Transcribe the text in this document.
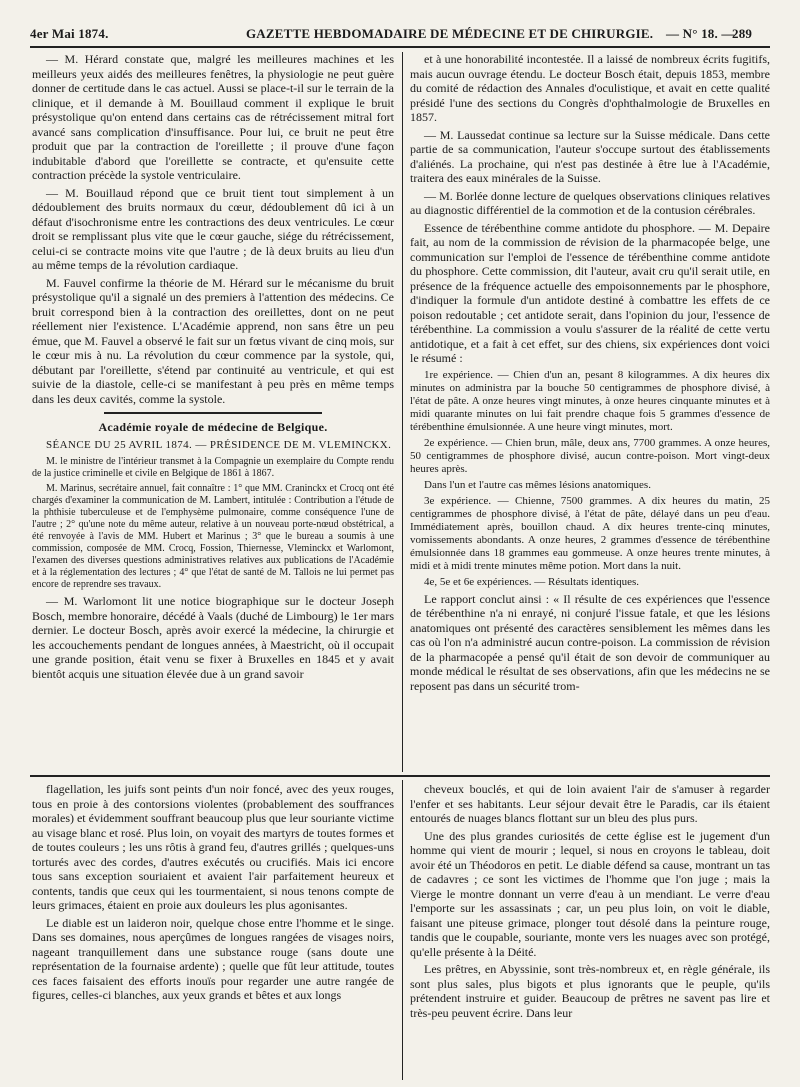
4er Mai 1874.	GAZETTE HEBDOMADAIRE DE MÉDECINE ET DE CHIRURGIE. — N° 18. —
289

— M. Hérard constate que, malgré les meilleures machines et les meilleurs yeux aidés des meilleures fenêtres, la physiologie ne peut guère donner de certitude dans le cas actuel. Aussi se place-t-il sur le terrain de la clinique, et il demande à M. Bouillaud comment il explique le bruit présystolique qu'on entend dans certains cas de rétrécissement mitral fort avancé sans complication d'insuffisance. Pour lui, ce bruit ne peut être produit que par la contraction de l'oreillette ; il prouve d'une façon indubitable d'abord que l'oreillette se contracte, et qu'ensuite cette contraction précède la systole ventriculaire.

— M. Bouillaud répond que ce bruit tient tout simplement à un dédoublement des bruits normaux du cœur, dédoublement dû ici à un défaut d'isochronisme entre les contractions des deux ventricules. Le cœur droit se remplissant plus vite que le cœur gauche, siége du rétrécissement, celui-ci se contracte moins vite que l'autre ; de là deux bruits au lieu d'un au même temps de la révolution cardiaque.

M. Fauvel confirme la théorie de M. Hérard sur le mécanisme du bruit présystolique qu'il a signalé un des premiers à l'attention des médecins. Ce bruit correspond bien à la contraction des oreillettes, dont on ne peut réellement nier l'existence. L'Académie apprend, non sans être un peu émue, que M. Fauvel a observé le fait sur un fœtus vivant de cinq mois, sur le cœur mis à nu. La révolution du cœur commence par la systole, qui, débutant par l'oreillette, s'étend par continuité au ventricule, et qui est suivie de la diastole, celle-ci se manifestant à peu près en même temps dans les deux cavités, comme la systole.

Académie royale de médecine de Belgique.
SÉANCE DU 25 AVRIL 1874. — PRÉSIDENCE DE M. VLEMINCKX.

M. le ministre de l'intérieur transmet à la Compagnie un exemplaire du Compte rendu de la justice criminelle et civile en Belgique de 1861 à 1867.

M. Marinus, secrétaire annuel, fait connaître : 1° que MM. Craninckx et Crocq ont été chargés d'examiner la communication de M. Lambert, intitulée : Contribution a l'étude de la phthisie tuberculeuse et de l'emphysème pulmonaire, comme conséquence l'une de l'autre ; 2° qu'une note du même auteur, relative à un nouveau porte-nœud obstétrical, a été renvoyée à l'avis de MM. Hubert et Marinus ; 3° que le bureau a soumis à une commission, composée de MM. Crocq, Fossion, Thiernesse, Vleminckx et Warlomont, l'examen des diverses questions administratives relatives aux publications de l'Académie et à la réglementation des lectures ; 4° que l'état de santé de M. Tallois ne lui permet pas encore de reprendre ses travaux.

— M. Warlomont lit une notice biographique sur le docteur Joseph Bosch, membre honoraire, décédé à Vaals (duché de Limbourg) le 1er mars dernier. Le docteur Bosch, après avoir exercé la médecine, la chirurgie et les accouchements pendant de longues années, à Maestricht, où il occupait une grande position, était venu se fixer à Bruxelles en 1845 et y avait bientôt acquis une situation élevée due à un grand savoir

et à une honorabilité incontestée. Il a laissé de nombreux écrits fugitifs, mais aucun ouvrage étendu. Le docteur Bosch était, depuis 1853, membre du comité de rédaction des Annales d'oculistique, et avait en cette qualité présidé l'une des sections du Congrès d'ophthalmologie de Bruxelles en 1857.

— M. Laussedat continue sa lecture sur la Suisse médicale. Dans cette partie de sa communication, l'auteur s'occupe surtout des établissements d'aliénés. La prochaine, qui n'est pas destinée à être lue à l'Académie, traitera des eaux minérales de la Suisse.

— M. Borlée donne lecture de quelques observations cliniques relatives au diagnostic différentiel de la commotion et de la contusion cérébrales.

Essence de térébenthine comme antidote du phosphore. — M. Depaire fait, au nom de la commission de révision de la pharmacopée belge, une communication sur l'emploi de l'essence de térébenthine comme antidote du phosphore. Cette commission, dit l'auteur, avait cru qu'il serait utile, en présence de la fréquence actuelle des empoisonnements par le phosphore, d'indiquer la formule d'un antidote destiné à combattre les effets de ce poison redoutable ; cet antidote serait, dans l'opinion du jour, l'essence de térébenthine. La commission a voulu s'assurer de la réalité de cette vertu antidotique, et a fait à cet effet, sur des chiens, six expériences dont voici le résumé :

1re expérience. — Chien d'un an, pesant 8 kilogrammes. A dix heures dix minutes on administra par la bouche 50 centigrammes de phosphore divisé, à l'état de pâte. A onze heures vingt minutes, à onze heures cinquante minutes et à midi quarante minutes on lui fait prendre chaque fois 5 grammes d'essence de térébenthine émulsionnée. A une heure vingt minutes, mort.

2e expérience. — Chien brun, mâle, deux ans, 7700 grammes. A onze heures, 50 centigrammes de phosphore divisé, aucun contre-poison. Mort vingt-deux heures après.

Dans l'un et l'autre cas mêmes lésions anatomiques.

3e expérience. — Chienne, 7500 grammes. A dix heures du matin, 25 centigrammes de phosphore divisé, à l'état de pâte, délayé dans un peu d'eau. Immédiatement après, bouillon chaud. A dix heures trente-cinq minutes, vomissements abondants. A onze heures, 2 grammes d'essence de térébenthine émulsionnée dans 18 grammes eau gommeuse. A onze heures trente minutes, à midi et à midi trente minutes même potion. Mort dans la nuit.

4e, 5e et 6e expériences. — Résultats identiques.

Le rapport conclut ainsi : « Il résulte de ces expériences que l'essence de térébenthine n'a ni enrayé, ni conjuré l'issue fatale, et que les lésions anatomiques ont présenté des caractères sensiblement les mêmes dans les cas où l'on n'a administré aucun contre-poison. La commission de révision de la pharmacopée a pensé qu'il était de son devoir de communiquer au monde médical le résultat de ses observations, afin que les médecins ne se reposent pas dans un sécurité trom-

flagellation, les juifs sont peints d'un noir foncé, avec des yeux rouges, tous en proie à des contorsions violentes (probablement des souffrances morales) et évidemment souffrant beaucoup plus que leur souriante victime au visage blanc et rosé. Plus loin, on voyait des martyrs de toutes formes et de toutes couleurs ; les uns rôtis à grand feu, d'autres grillés ; quelques-uns torturés avec des cordes, d'autres exécutés ou crucifiés. Mais ici encore tous sans exception souriaient et avaient l'air parfaitement heureux et contents, tandis que ceux qui les tourmentaient, si nous tenons compte de leurs grimaces, étaient en proie aux douleurs les plus agonisantes.

Le diable est un laideron noir, quelque chose entre l'homme et le singe. Dans ses domaines, nous aperçûmes de longues rangées de visages noirs, nageant tranquillement dans une substance rouge (sans doute une représentation de la fournaise ardente) ; quelle que fût leur attitude, toutes ces faces faisaient des efforts inouïs pour regarder une autre rangée de figures, celles-ci blanches, aux yeux grands et bêtes et aux longs

cheveux bouclés, et qui de loin avaient l'air de s'amuser à regarder l'enfer et ses habitants. Leur séjour devait être le Paradis, car ils étaient entourés de nuages blancs flottant sur un bleu des plus purs.

Une des plus grandes curiosités de cette église est le jugement d'un homme qui vient de mourir ; lequel, si nous en croyons le tableau, doit avoir été un Théodoros en petit. Le diable défend sa cause, montrant un tas de cadavres ; ce sont les victimes de l'homme que l'on juge ; mais la Vierge le montre donnant un verre d'eau à un mendiant. Le verre d'eau l'emporte sur les assassinats ; car, un peu plus loin, on voit le diable, faisant une piteuse grimace, plonger tout désolé dans la peinture rouge, tandis que le coupable, souriante, monte vers les nuages avec son protégé, qu'elle présente à la Déité.

Les prêtres, en Abyssinie, sont très-nombreux et, en règle générale, ils sont plus sales, plus bigots et plus ignorants que le peuple, qu'ils prétendent instruire et guider. Beaucoup de prêtres ne savent pas lire et très-peu peuvent écrire. Dans leur
